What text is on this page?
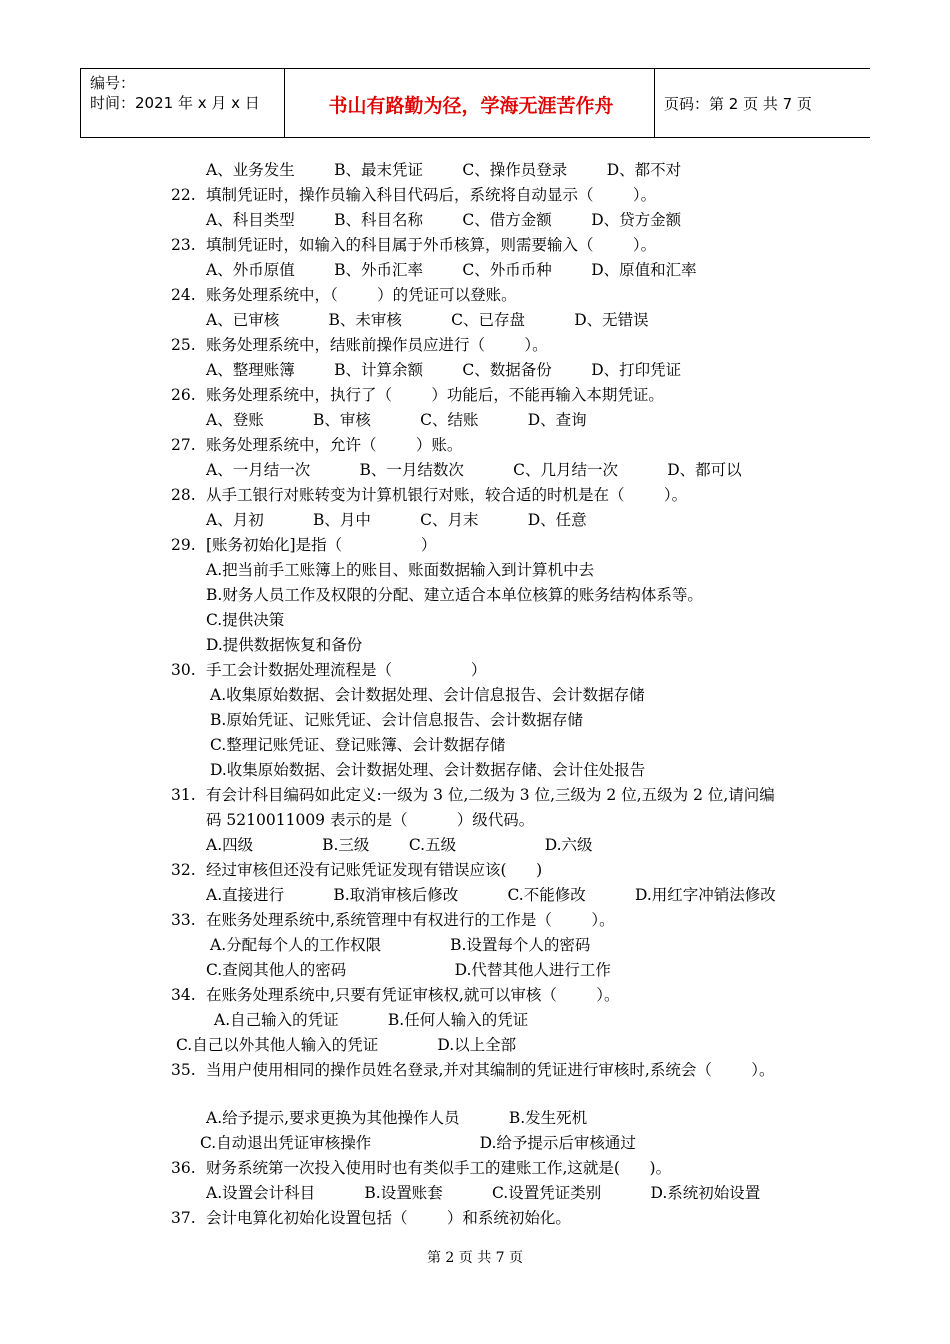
编号：
时间：2021 年 x 月 x 日	书山有路勤为径，学海无涯苦作舟	页码：第 2 页 共 7 页
A、业务发生        B、最末凭证        C、操作员登录        D、都不对
22. 填制凭证时，操作员输入科目代码后，系统将自动显示（        ）。
A、科目类型        B、科目名称        C、借方金额        D、贷方金额
23. 填制凭证时，如输入的科目属于外币核算，则需要输入（        ）。
A、外币原值        B、外币汇率        C、外币币种        D、原值和汇率
24. 账务处理系统中，（        ）的凭证可以登账。
A、已审核          B、未审核          C、已存盘          D、无错误
25. 账务处理系统中，结账前操作员应进行（        ）。
A、整理账簿        B、计算余额        C、数据备份        D、打印凭证
26. 账务处理系统中，执行了（        ）功能后，不能再输入本期凭证。
A、登账          B、审核          C、结账          D、查询
27. 账务处理系统中，允许（        ）账。
A、一月结一次          B、一月结数次          C、几月结一次          D、都可以
28. 从手工银行对账转变为计算机银行对账，较合适的时机是在（        ）。
A、月初          B、月中          C、月末          D、任意
29. [账务初始化]是指（                ）
A.把当前手工账簿上的账目、账面数据输入到计算机中去
B.财务人员工作及权限的分配、建立适合本单位核算的账务结构体系等。
C.提供决策
D.提供数据恢复和备份
30. 手工会计数据处理流程是（                ）
A.收集原始数据、会计数据处理、会计信息报告、会计数据存储
B.原始凭证、记账凭证、会计信息报告、会计数据存储
C.整理记账凭证、登记账簿、会计数据存储
D.收集原始数据、会计数据处理、会计数据存储、会计住处报告
31. 有会计科目编码如此定义:一级为 3 位,二级为 3 位,三级为 2 位,五级为 2 位,请问编
码 5210011009 表示的是（          ）级代码。
A.四级              B.三级        C.五级                  D.六级
32. 经过审核但还没有记账凭证发现有错误应该(      )
A.直接进行          B.取消审核后修改          C.不能修改          D.用红字冲销法修改
33. 在账务处理系统中,系统管理中有权进行的工作是（        ）。
A.分配每个人的工作权限              B.设置每个人的密码
C.查阅其他人的密码                      D.代替其他人进行工作
34. 在账务处理系统中,只要有凭证审核权,就可以审核（        ）。
A.自己输入的凭证          B.任何人输入的凭证
C.自己以外其他人输入的凭证            D.以上全部
35. 当用户使用相同的操作员姓名登录,并对其编制的凭证进行审核时,系统会（        ）。
A.给予提示,要求更换为其他操作人员          B.发生死机
C.自动退出凭证审核操作                      D.给予提示后审核通过
36. 财务系统第一次投入使用时也有类似手工的建账工作,这就是(      )。
A.设置会计科目          B.设置账套          C.设置凭证类别          D.系统初始设置
37. 会计电算化初始化设置包括（        ）和系统初始化。
第 2 页 共 7 页
